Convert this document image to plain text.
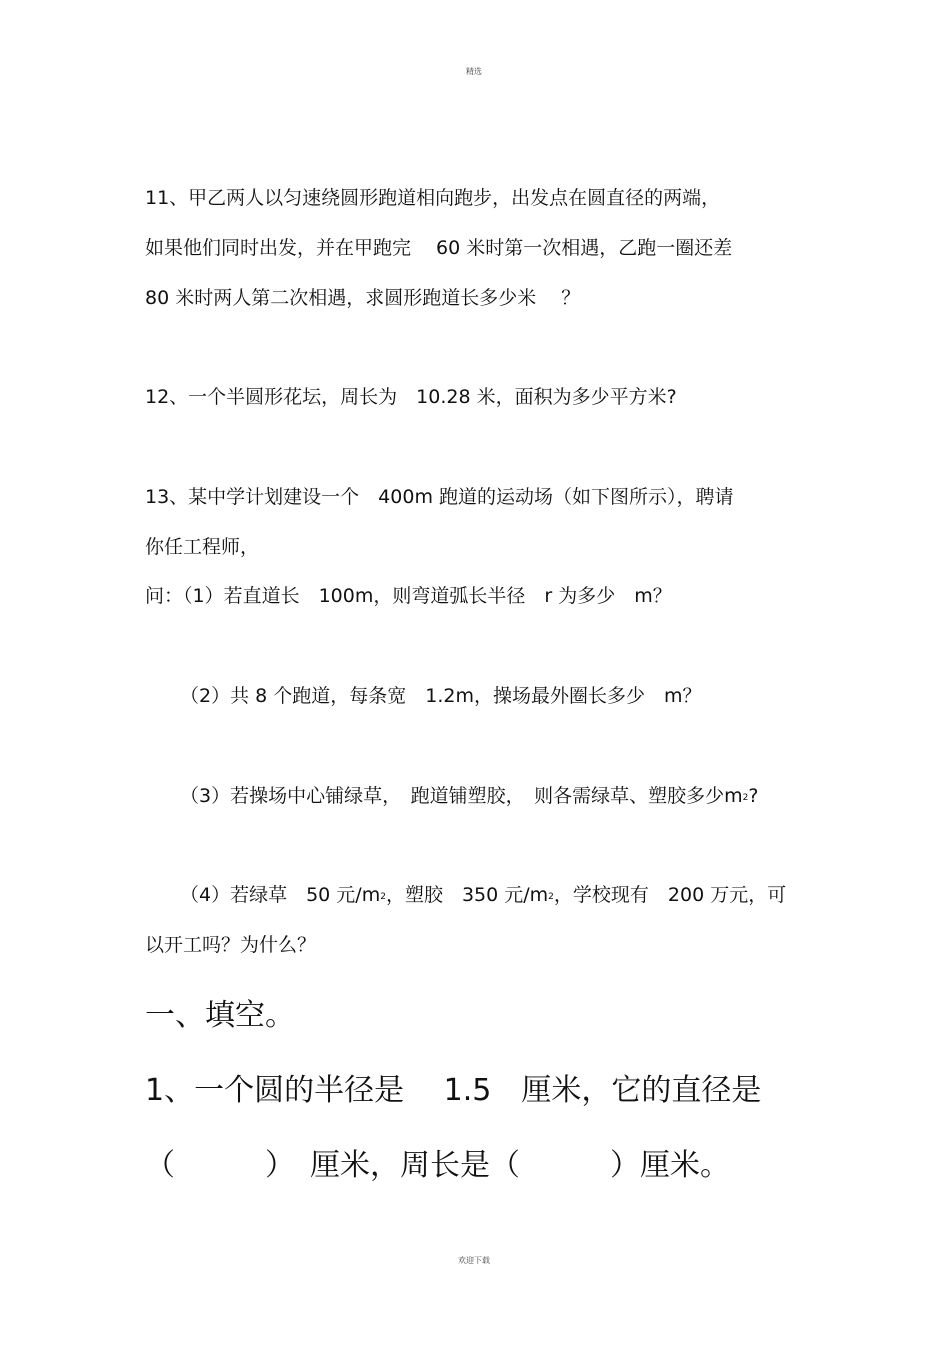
精选
11、甲乙两人以匀速绕圆形跑道相向跑步，出发点在圆直径的两端，
如果他们同时出发，并在甲跑完　 60 米时第一次相遇，乙跑一圈还差
80 米时两人第二次相遇，求圆形跑道长多少米　 ？
12、一个半圆形花坛，周长为　10.28 米，面积为多少平方米?
13、某中学计划建设一个　400m 跑道的运动场（如下图所示），聘请
你任工程师，
问：（1）若直道长　100m，则弯道弧长半径　r 为多少　m？
（2）共 8 个跑道，每条宽　1.2m，操场最外圈长多少　m？
（3）若操场中心铺绿草，　跑道铺塑胶，　则各需绿草、塑胶多少$m^2$?
（4）若绿草　50 元$/m^2$，塑胶　350 元$/m^2$，学校现有　200 万元，可
以开工吗？为什么？
一、填空。
1、一个圆的半径是　 1.5　厘米，它的直径是
（　　　）　厘米，周长是（　　　）厘米。
欢迎下载
